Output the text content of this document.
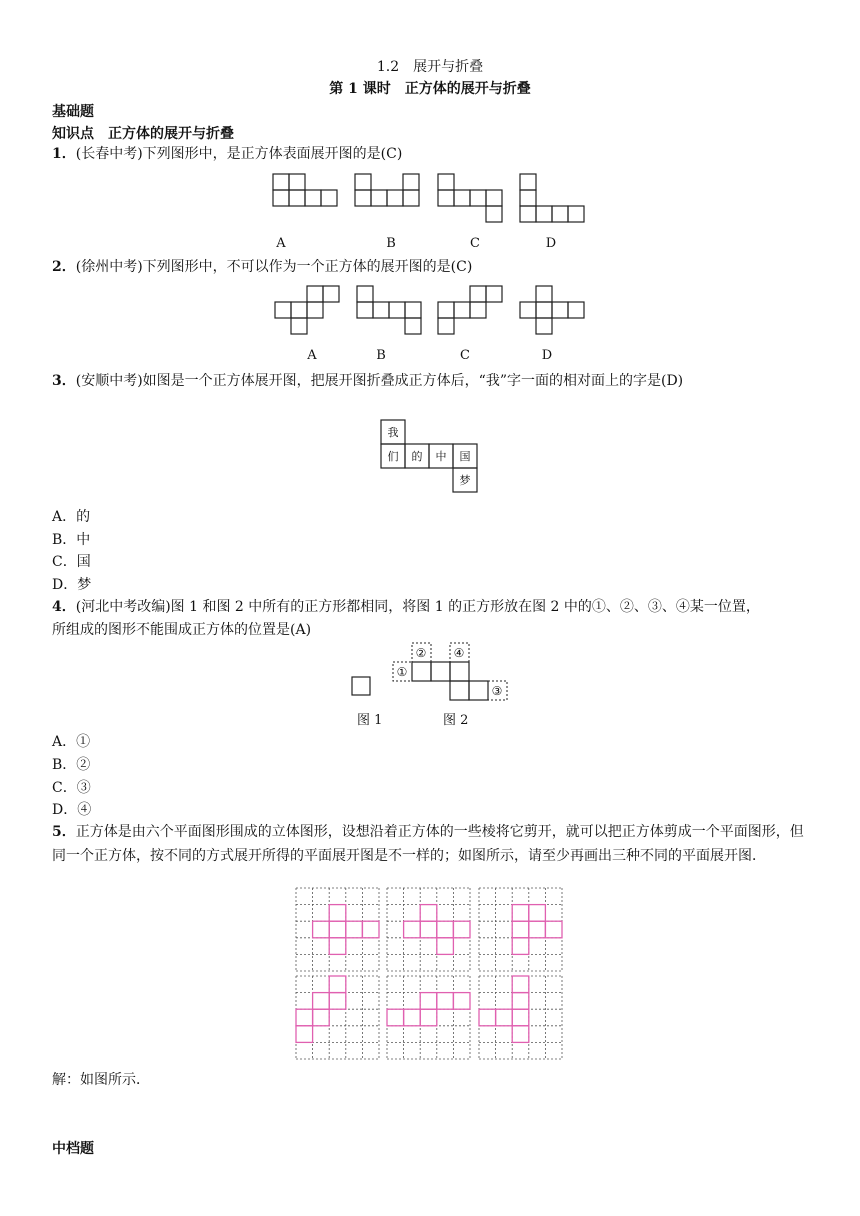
1.2　展开与折叠
第 1 课时　正方体的展开与折叠
基础题
知识点　正方体的展开与折叠
1．(长春中考)下列图形中，是正方体表面展开图的是(C)
A	B	C	D
2．(徐州中考)下列图形中，不可以作为一个正方体的展开图的是(C)
A	B	C	D
3．(安顺中考)如图是一个正方体展开图，把展开图折叠成正方体后，“我”字一面的相对面上的字是(D)
我
们 的 中 国
梦
A．的
B．中
C．国
D．梦
4．(河北中考改编)图 1 和图 2 中所有的正方形都相同，将图 1 的正方形放在图 2 中的①、②、③、④某一位置，
所组成的图形不能围成正方体的位置是(A)
①
② ④
③
图 1	图 2
A．①
B．②
C．③
D．④
5．正方体是由六个平面图形围成的立体图形，设想沿着正方体的一些棱将它剪开，就可以把正方体剪成一个平面图形，但同一个正方体，按不同的方式展开所得的平面展开图是不一样的；如图所示，请至少再画出三种不同的平面展开图．
解：如图所示．
中档题
